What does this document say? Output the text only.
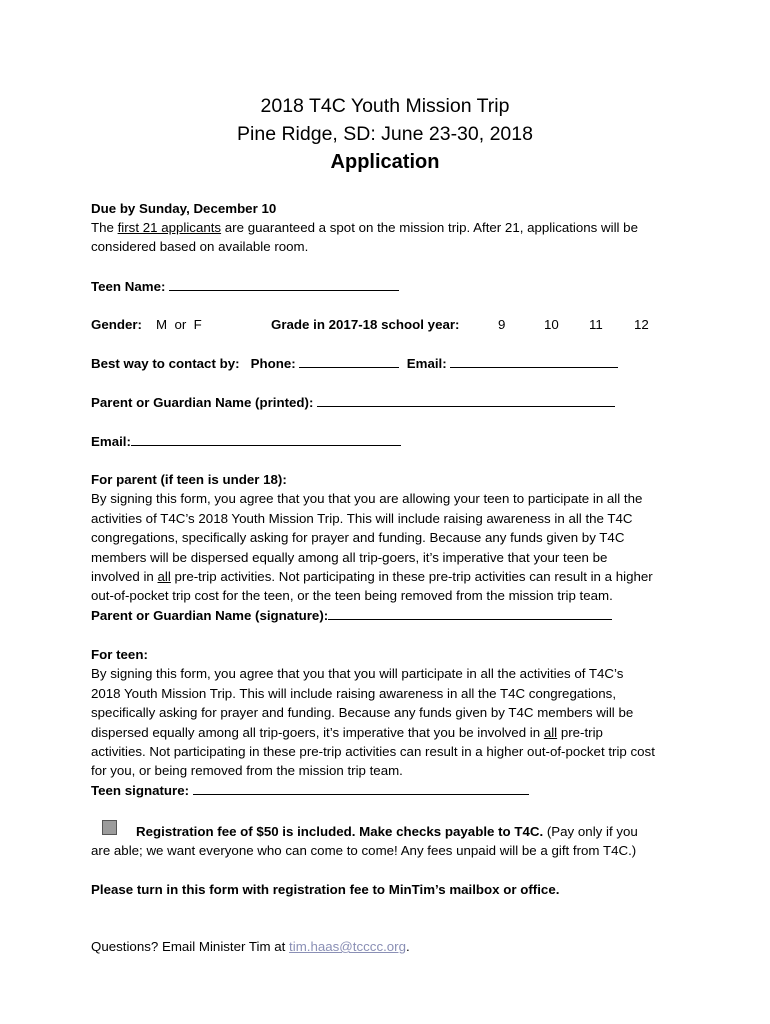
2018 T4C Youth Mission Trip
Pine Ridge, SD: June 23-30, 2018
Application
Due by Sunday, December 10
The first 21 applicants are guaranteed a spot on the mission trip. After 21, applications will be
considered based on available room.
Teen Name:
Gender: M  or  F	Grade in 2017-18 school year:	9	10 11 12
Best way to contact by: Phone:	Email:
Parent or Guardian Name (printed):
Email:
For parent (if teen is under 18):
By signing this form, you agree that you that you are allowing your teen to participate in all the
activities of T4C’s 2018 Youth Mission Trip. This will include raising awareness in all the T4C
congregations, specifically asking for prayer and funding. Because any funds given by T4C
members will be dispersed equally among all trip-goers, it’s imperative that your teen be
involved in all pre-trip activities. Not participating in these pre-trip activities can result in a higher
out-of-pocket trip cost for the teen, or the teen being removed from the mission trip team.
Parent or Guardian Name (signature):
For teen:
By signing this form, you agree that you that you will participate in all the activities of T4C’s
2018 Youth Mission Trip. This will include raising awareness in all the T4C congregations,
specifically asking for prayer and funding. Because any funds given by T4C members will be
dispersed equally among all trip-goers, it’s imperative that you be involved in all pre-trip
activities. Not participating in these pre-trip activities can result in a higher out-of-pocket trip cost
for you, or being removed from the mission trip team.
Teen signature:
Registration fee of $50 is included. Make checks payable to T4C. (Pay only if you
are able; we want everyone who can come to come! Any fees unpaid will be a gift from T4C.)
Please turn in this form with registration fee to MinTim’s mailbox or office.
Questions? Email Minister Tim at tim.haas@tcccc.org.
